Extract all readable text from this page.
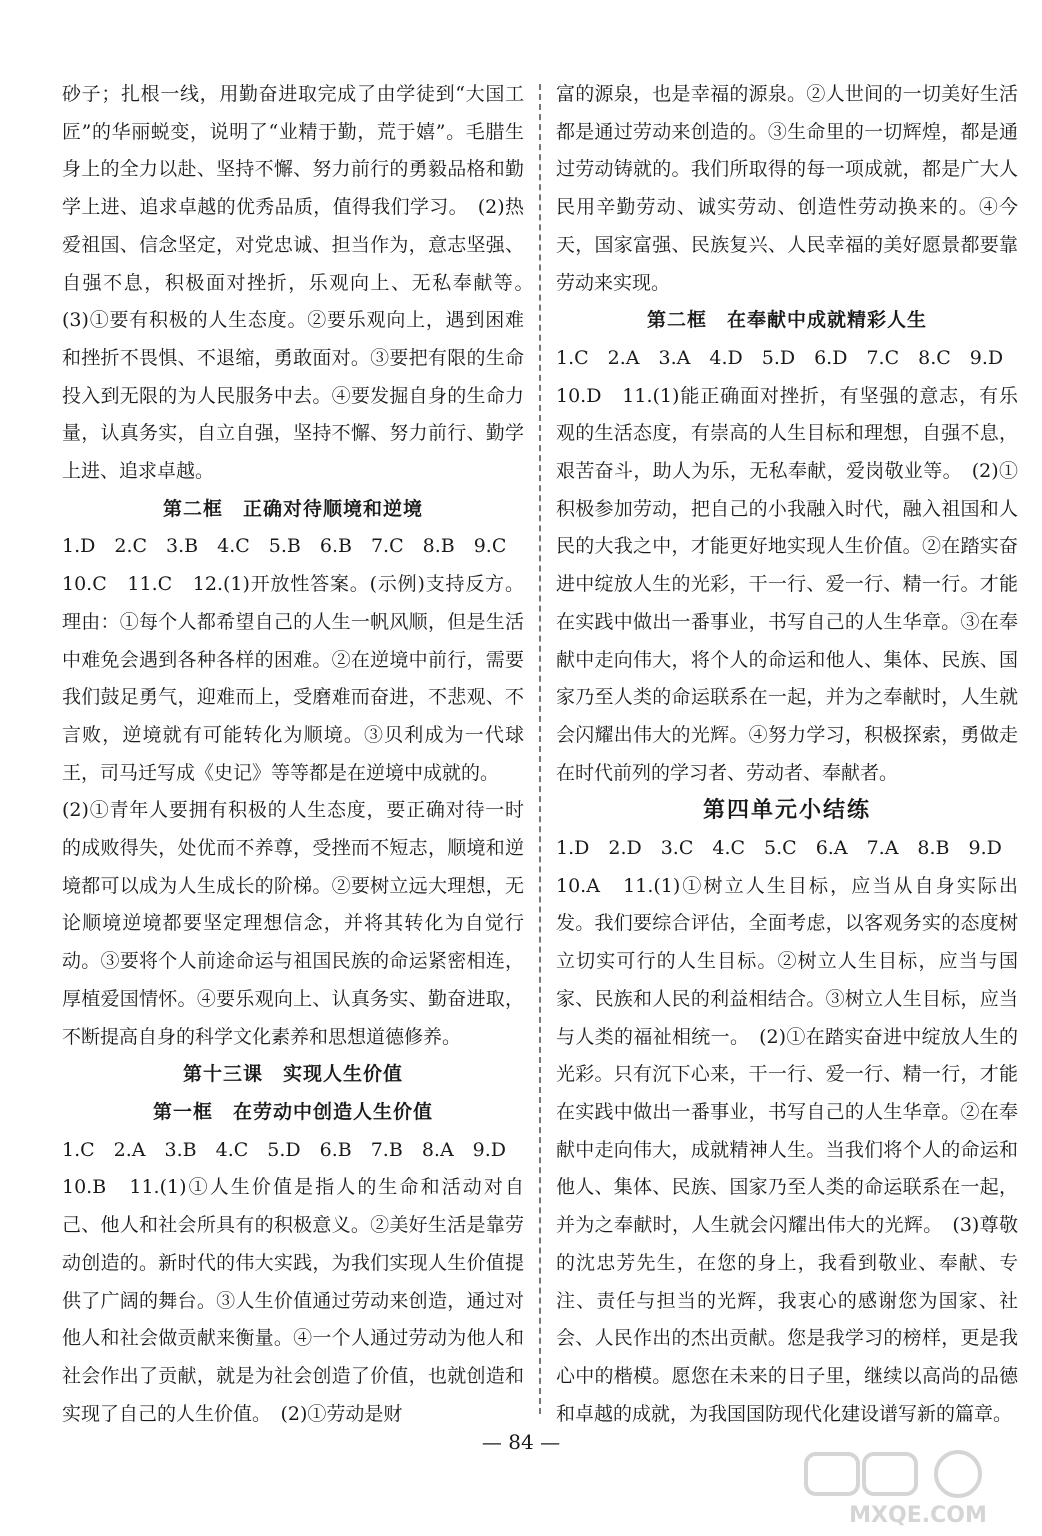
砂子；扎根一线，用勤奋进取完成了由学徒到“大国工匠”的华丽蜕变，说明了“业精于勤，荒于嬉”。毛腊生身上的全力以赴、坚持不懈、努力前行的勇毅品格和勤学上进、追求卓越的优秀品质，值得我们学习。　(2)热爱祖国、信念坚定，对党忠诚、担当作为，意志坚强、自强不息，积极面对挫折，乐观向上、无私奉献等。　(3)①要有积极的人生态度。②要乐观向上，遇到困难和挫折不畏惧、不退缩，勇敢面对。③要把有限的生命投入到无限的为人民服务中去。④要发掘自身的生命力量，认真务实，自立自强，坚持不懈、努力前行、勤学上进、追求卓越。

第二框　正确对待顺境和逆境

1.D　2.C　3.B　4.C　5.B　6.B　7.C　8.B　9.C

10.C　11.C　12.(1)开放性答案。(示例)支持反方。理由：①每个人都希望自己的人生一帆风顺，但是生活中难免会遇到各种各样的困难。②在逆境中前行，需要我们鼓足勇气，迎难而上，受磨难而奋进，不悲观、不言败，逆境就有可能转化为顺境。③贝利成为一代球王，司马迁写成《史记》等等都是在逆境中成就的。

(2)①青年人要拥有积极的人生态度，要正确对待一时的成败得失，处优而不养尊，受挫而不短志，顺境和逆境都可以成为人生成长的阶梯。②要树立远大理想，无论顺境逆境都要坚定理想信念，并将其转化为自觉行动。③要将个人前途命运与祖国民族的命运紧密相连，厚植爱国情怀。④要乐观向上、认真务实、勤奋进取，不断提高自身的科学文化素养和思想道德修养。

第十三课　实现人生价值

第一框　在劳动中创造人生价值

1.C　2.A　3.B　4.C　5.D　6.B　7.B　8.A　9.D

10.B　11.(1)①人生价值是指人的生命和活动对自己、他人和社会所具有的积极意义。②美好生活是靠劳动创造的。新时代的伟大实践，为我们实现人生价值提供了广阔的舞台。③人生价值通过劳动来创造，通过对他人和社会做贡献来衡量。④一个人通过劳动为他人和社会作出了贡献，就是为社会创造了价值，也就创造和实现了自己的人生价值。　(2)①劳动是财

富的源泉，也是幸福的源泉。②人世间的一切美好生活都是通过劳动来创造的。③生命里的一切辉煌，都是通过劳动铸就的。我们所取得的每一项成就，都是广大人民用辛勤劳动、诚实劳动、创造性劳动换来的。④今天，国家富强、民族复兴、人民幸福的美好愿景都要靠劳动来实现。

第二框　在奉献中成就精彩人生

1.C　2.A　3.A　4.D　5.D　6.D　7.C　8.C　9.D

10.D　11.(1)能正确面对挫折，有坚强的意志，有乐观的生活态度，有崇高的人生目标和理想，自强不息，艰苦奋斗，助人为乐，无私奉献，爱岗敬业等。　(2)①积极参加劳动，把自己的小我融入时代，融入祖国和人民的大我之中，才能更好地实现人生价值。②在踏实奋进中绽放人生的光彩，干一行、爱一行、精一行。才能在实践中做出一番事业，书写自己的人生华章。③在奉献中走向伟大，将个人的命运和他人、集体、民族、国家乃至人类的命运联系在一起，并为之奉献时，人生就会闪耀出伟大的光辉。④努力学习，积极探索，勇做走在时代前列的学习者、劳动者、奉献者。

第四单元小结练

1.D　2.D　3.C　4.C　5.C　6.A　7.A　8.B　9.D

10.A　11.(1)①树立人生目标，应当从自身实际出发。我们要综合评估，全面考虑，以客观务实的态度树立切实可行的人生目标。②树立人生目标，应当与国家、民族和人民的利益相结合。③树立人生目标，应当与人类的福祉相统一。　(2)①在踏实奋进中绽放人生的光彩。只有沉下心来，干一行、爱一行、精一行，才能在实践中做出一番事业，书写自己的人生华章。②在奉献中走向伟大，成就精神人生。当我们将个人的命运和他人、集体、民族、国家乃至人类的命运联系在一起，并为之奉献时，人生就会闪耀出伟大的光辉。　(3)尊敬的沈忠芳先生，在您的身上，我看到敬业、奉献、专注、责任与担当的光辉，我衷心的感谢您为国家、社会、人民作出的杰出贡献。您是我学习的榜样，更是我心中的楷模。愿您在未来的日子里，继续以高尚的品德和卓越的成就，为我国国防现代化建设谱写新的篇章。

— 84 —
MXQE.COM
